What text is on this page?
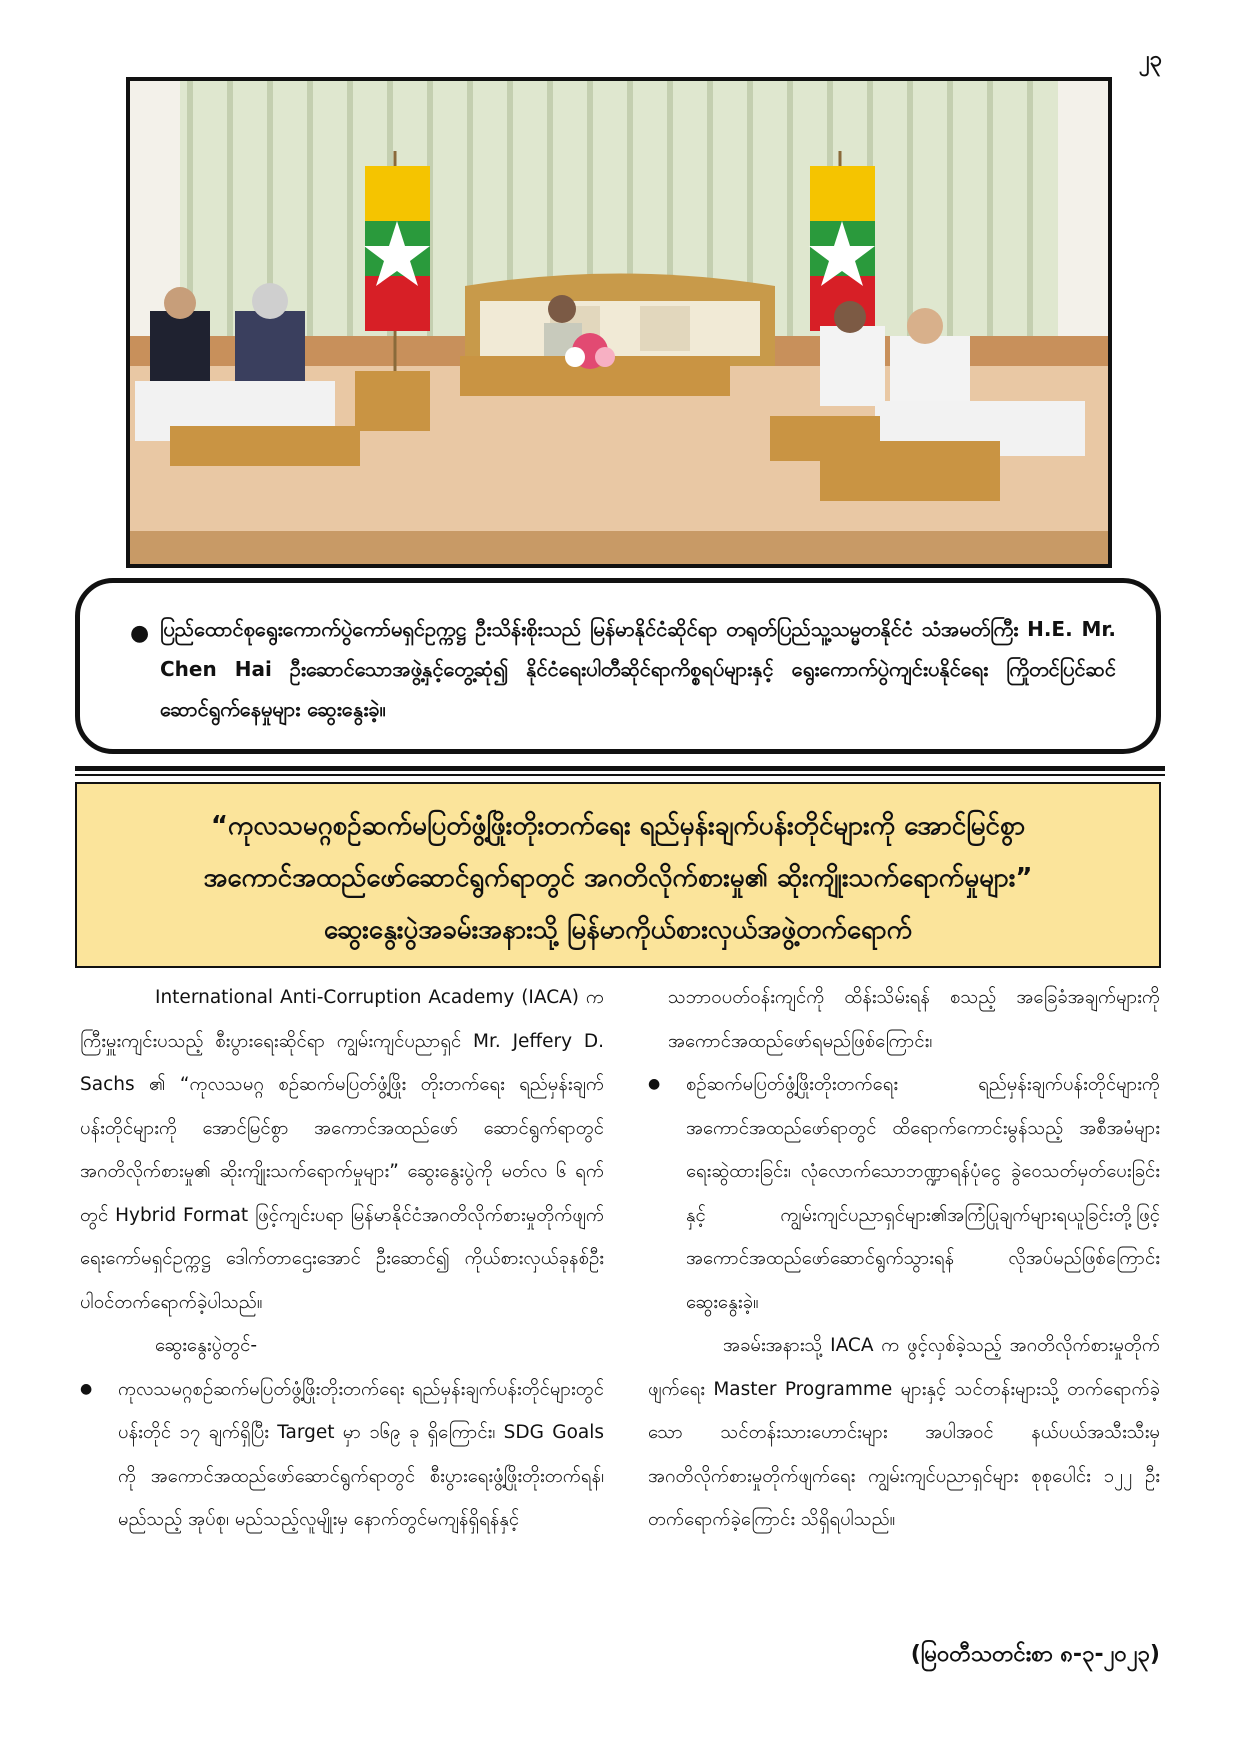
၂၃
● ပြည်ထောင်စုရွေးကောက်ပွဲကော်မရှင်ဥက္ကဋ္ဌ ဦးသိန်းစိုးသည် မြန်မာနိုင်ငံဆိုင်ရာ တရုတ်ပြည်သူ့သမ္မတနိုင်ငံ သံအမတ်ကြီး H.E. Mr. Chen Hai ဦးဆောင်သောအဖွဲ့နှင့်တွေ့ဆုံ၍ နိုင်ငံရေးပါတီဆိုင်ရာကိစ္စရပ်များနှင့် ရွေးကောက်ပွဲကျင်းပနိုင်ရေး ကြိုတင်ပြင်ဆင်ဆောင်ရွက်နေမှုများ ဆွေးနွေးခဲ့။

“ကုလသမဂ္ဂစဉ်ဆက်မပြတ်ဖွံ့ဖြိုးတိုးတက်ရေး ရည်မှန်းချက်ပန်းတိုင်များကို အောင်မြင်စွာ
အကောင်အထည်ဖော်ဆောင်ရွက်ရာတွင် အဂတိလိုက်စားမှု၏ ဆိုးကျိုးသက်ရောက်မှုများ”
ဆွေးနွေးပွဲအခမ်းအနားသို့ မြန်မာကိုယ်စားလှယ်အဖွဲ့တက်ရောက်

International Anti-Corruption Academy (IACA) က ကြီးမှူးကျင်းပသည့် စီးပွားရေးဆိုင်ရာ ကျွမ်းကျင်ပညာရှင် Mr. Jeffery D. Sachs ၏ “ကုလသမဂ္ဂ စဉ်ဆက်မပြတ်ဖွံ့ဖြိုး တိုးတက်ရေး ရည်မှန်းချက်ပန်းတိုင်များကို အောင်မြင်စွာ အကောင်အထည်ဖော် ဆောင်ရွက်ရာတွင် အဂတိလိုက်စားမှု၏ ဆိုးကျိုးသက်ရောက်မှုများ” ဆွေးနွေးပွဲကို မတ်လ ၆ ရက်တွင် Hybrid Format ဖြင့်ကျင်းပရာ မြန်မာနိုင်ငံအဂတိလိုက်စားမှုတိုက်ဖျက်ရေးကော်မရှင်ဥက္ကဋ္ဌ ဒေါက်တာဌေးအောင် ဦးဆောင်၍ ကိုယ်စားလှယ်ခုနစ်ဦး ပါဝင်တက်ရောက်ခဲ့ပါသည်။

ဆွေးနွေးပွဲတွင်-

● ကုလသမဂ္ဂစဉ်ဆက်မပြတ်ဖွံ့ဖြိုးတိုးတက်ရေး ရည်မှန်းချက်ပန်းတိုင်များတွင် ပန်းတိုင် ၁၇ ချက်ရှိပြီး Target မှာ ၁၆၉ ခု ရှိကြောင်း၊ SDG Goals ကို အကောင်အထည်ဖော်ဆောင်ရွက်ရာတွင် စီးပွားရေးဖွံ့ဖြိုးတိုးတက်ရန်၊ မည်သည့် အုပ်စု၊ မည်သည့်လူမျိုးမှ နောက်တွင်မကျန်ရှိရန်နှင့်

သဘာဝပတ်ဝန်းကျင်ကို ထိန်းသိမ်းရန် စသည့် အခြေခံအချက်များကို အကောင်အထည်ဖော်ရမည်ဖြစ်ကြောင်း၊

● စဉ်ဆက်မပြတ်ဖွံ့ဖြိုးတိုးတက်ရေး ရည်မှန်းချက်ပန်းတိုင်များကို အကောင်အထည်ဖော်ရာတွင် ထိရောက်ကောင်းမွန်သည့် အစီအမံများရေးဆွဲထားခြင်း၊ လုံလောက်သောဘဏ္ဍာရန်ပုံငွေ ခွဲဝေသတ်မှတ်ပေးခြင်းနှင့် ကျွမ်းကျင်ပညာရှင်များ၏အကြံပြုချက်များရယူခြင်းတို့ဖြင့် အကောင်အထည်ဖော်ဆောင်ရွက်သွားရန် လိုအပ်မည်ဖြစ်ကြောင်း ဆွေးနွေးခဲ့။

အခမ်းအနားသို့ IACA က ဖွင့်လှစ်ခဲ့သည့် အဂတိလိုက်စားမှုတိုက်ဖျက်ရေး Master Programme များနှင့် သင်တန်းများသို့ တက်ရောက်ခဲ့သော သင်တန်းသားဟောင်းများ အပါအဝင် နယ်ပယ်အသီးသီးမှ အဂတိလိုက်စားမှုတိုက်ဖျက်ရေး ကျွမ်းကျင်ပညာရှင်များ စုစုပေါင်း ၁၂၂ ဦး တက်ရောက်ခဲ့ကြောင်း သိရှိရပါသည်။

(မြဝတီသတင်းစာ ၈-၃-၂၀၂၃)
